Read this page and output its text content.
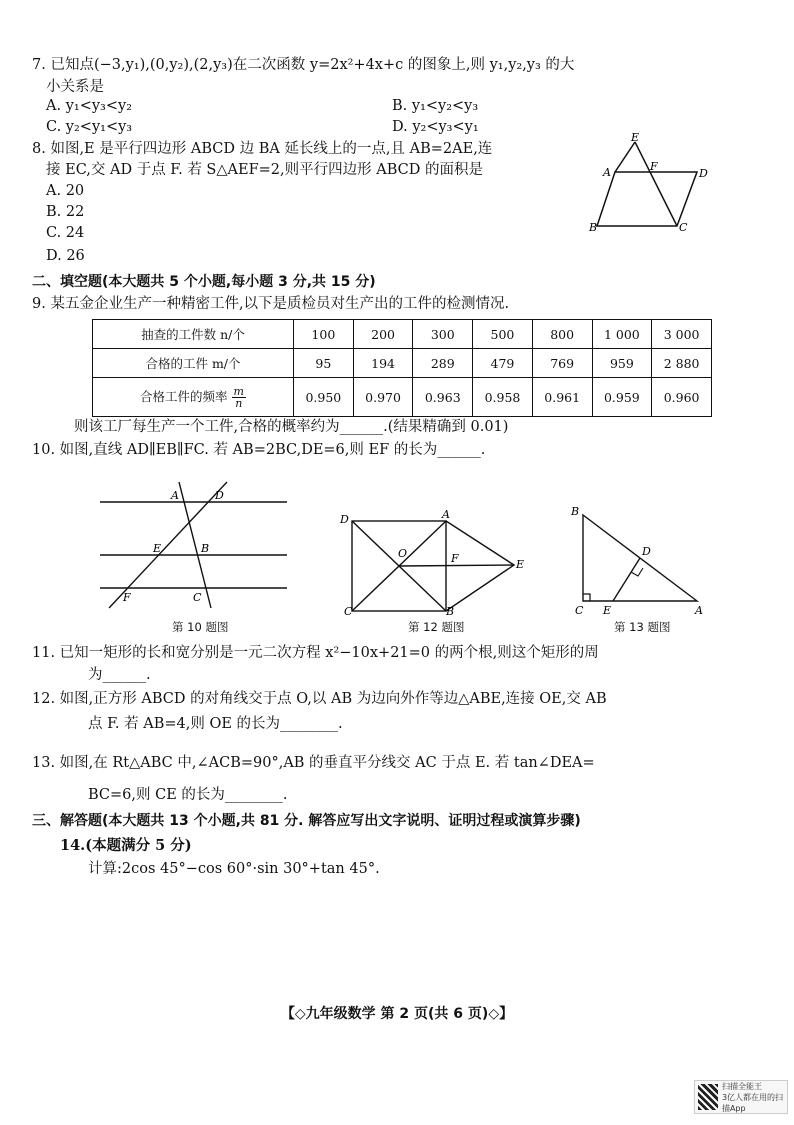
7. 已知点(−3,y₁),(0,y₂),(2,y₃)在二次函数 y=2x²+4x+c 的图象上,则 y₁,y₂,y₃ 的大
小关系是
A. y₁<y₃<y₂	B. y₁<y₂<y₃
C. y₂<y₁<y₃	D. y₂<y₃<y₁
8. 如图,E 是平行四边形 ABCD 边 BA 延长线上的一点,且 AB=2AE,连
接 EC,交 AD 于点 F. 若 S△AEF=2,则平行四边形 ABCD 的面积是
A. 20
B. 22
C. 24
D. 26
E
A	F
D
B	C
二、填空题(本大题共 5 个小题,每小题 3 分,共 15 分)
9. 某五金企业生产一种精密工件,以下是质检员对生产出的工件的检测情况.
抽查的工件数 n/个	100	200	300	500	800	1 000	3 000
合格的工件 m/个	95	194	289	479	769	959	2 880
合格工件的频率 $\frac{m}{n}$	0.950	0.970	0.963	0.958	0.961	0.959	0.960
则该工厂每生产一个工件,合格的概率约为______.(结果精确到 0.01)
10. 如图,直线 AD∥EB∥FC. 若 AB=2BC,DE=6,则 EF 的长为______.
A	D
E	B
F	C
第 10 题图
D	A
O	F	E
C	B
第 12 题图
B
D
C E	A
第 13 题图
11. 已知一矩形的长和宽分别是一元二次方程 x²−10x+21=0 的两个根,则这个矩形的周
为______.
12. 如图,正方形 ABCD 的对角线交于点 O,以 AB 为边向外作等边△ABE,连接 OE,交 AB
点 F. 若 AB=4,则 OE 的长为________.
13. 如图,在 Rt△ABC 中,∠ACB=90°,AB 的垂直平分线交 AC 于点 E. 若 tan∠DEA=
BC=6,则 CE 的长为________.
三、解答题(本大题共 13 个小题,共 81 分. 解答应写出文字说明、证明过程或演算步骤)
14.(本题满分 5 分)
计算:2cos 45°−cos 60°·sin 30°+tan 45°.
【◇九年级数学 第 2 页(共 6 页)◇】
扫描全能王
3亿人都在用的扫描App
